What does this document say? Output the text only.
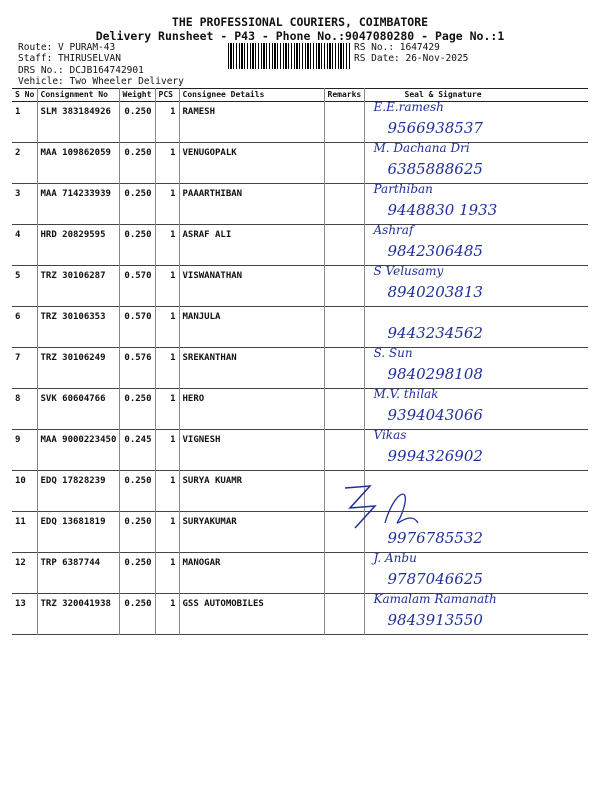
THE PROFESSIONAL COURIERS, COIMBATORE
Delivery Runsheet - P43 - Phone No.:9047080280 - Page No.:1
Route: V PURAM-43
Staff: THIRUSELVAN
DRS No.: DCJB164742901
Vehicle: Two Wheeler Delivery
RS No.: 1647429
RS Date: 26-Nov-2025
S No	Consignment No	Weight	PCS	Consignee Details	Remarks	Seal & Signature
1	SLM 383184926	0.250	1	RAMESH		E.E.ramesh
9566938537

2	MAA 109862059	0.250	1	VENUGOPALK		M. Dachana Dri
6385888625

3	MAA 714233939	0.250	1	PAAARTHIBAN		Parthiban
9448830 1933

4	HRD 20829595	0.250	1	ASRAF ALI		Ashraf
9842306485

5	TRZ 30106287	0.570	1	VISWANATHAN		S Velusamy
8940203813

6	TRZ 30106353	0.570	1	MANJULA		9443234562

7	TRZ 30106249	0.576	1	SREKANTHAN		S. Sun
9840298108

8	SVK 60604766	0.250	1	HERO		M.V. thilak
9394043066

9	MAA 9000223450	0.245	1	VIGNESH		Vikas
9994326902

10	EDQ 17828239	0.250	1	SURYA KUAMR		

11	EDQ 13681819	0.250	1	SURYAKUMAR		9976785532

12	TRP 6387744	0.250	1	MANOGAR		J. Anbu
9787046625

13	TRZ 320041938	0.250	1	GSS AUTOMOBILES		Kamalam Ramanath
9843913550
